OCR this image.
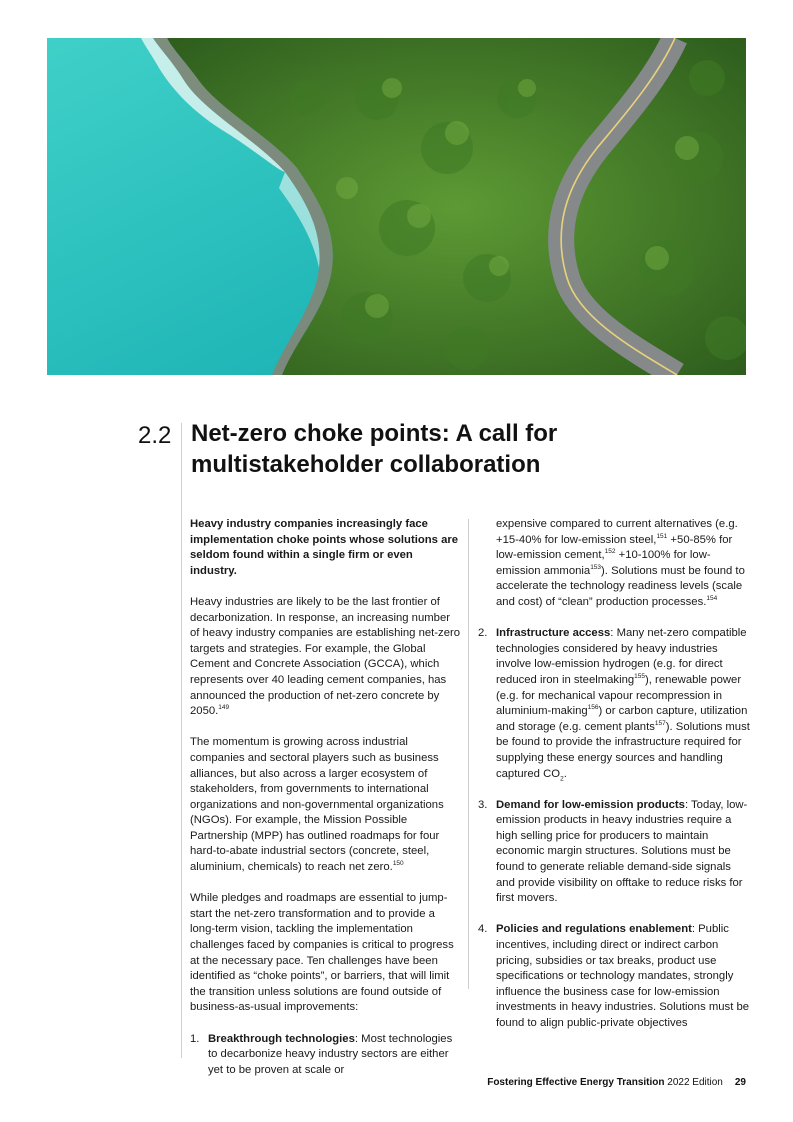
2.2 Net-zero choke points: A call for multistakeholder collaboration

Heavy industry companies increasingly face implementation choke points whose solutions are seldom found within a single firm or even industry.

Heavy industries are likely to be the last frontier of decarbonization. In response, an increasing number of heavy industry companies are establishing net-zero targets and strategies. For example, the Global Cement and Concrete Association (GCCA), which represents over 40 leading cement companies, has announced the production of net-zero concrete by 2050.$^{149}$

The momentum is growing across industrial companies and sectoral players such as business alliances, but also across a larger ecosystem of stakeholders, from governments to international organizations and non-governmental organizations (NGOs). For example, the Mission Possible Partnership (MPP) has outlined roadmaps for four hard-to-abate industrial sectors (concrete, steel, aluminium, chemicals) to reach net zero.$^{150}$

While pledges and roadmaps are essential to jump-start the net-zero transformation and to provide a long-term vision, tackling the implementation challenges faced by companies is critical to progress at the necessary pace. Ten challenges have been identified as “choke points”, or barriers, that will limit the transition unless solutions are found outside of business-as-usual improvements:

1. Breakthrough technologies: Most technologies to decarbonize heavy industry sectors are either yet to be proven at scale or

expensive compared to current alternatives (e.g. +15-40% for low-emission steel,$^{151}$ +50-85% for low-emission cement,$^{152}$ +10-100% for low-emission ammonia$^{153}$). Solutions must be found to accelerate the technology readiness levels (scale and cost) of “clean” production processes.$^{154}$

2. Infrastructure access: Many net-zero compatible technologies considered by heavy industries involve low-emission hydrogen (e.g. for direct reduced iron in steelmaking$^{155}$), renewable power (e.g. for mechanical vapour recompression in aluminium-making$^{156}$) or carbon capture, utilization and storage (e.g. cement plants$^{157}$). Solutions must be found to provide the infrastructure required for supplying these energy sources and handling captured $CO_2$.
3. Demand for low-emission products: Today, low-emission products in heavy industries require a high selling price for producers to maintain economic margin structures. Solutions must be found to generate reliable demand-side signals and provide visibility on offtake to reduce risks for first movers.
4. Policies and regulations enablement: Public incentives, including direct or indirect carbon pricing, subsidies or tax breaks, product use specifications or technology mandates, strongly influence the business case for low-emission investments in heavy industries. Solutions must be found to align public-private objectives
Fostering Effective Energy Transition 2022 Edition 29
